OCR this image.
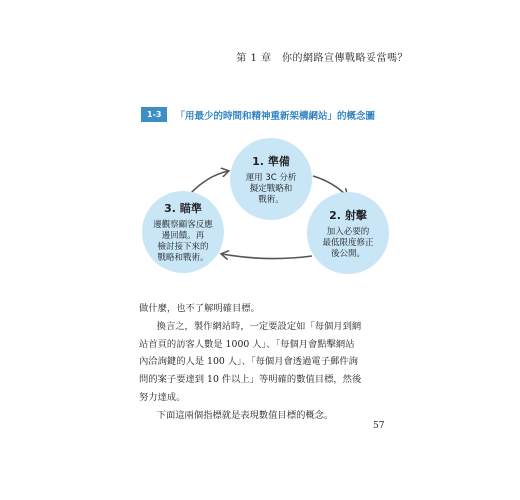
第 1 章　你的網路宣傳戰略妥當嗎？
1-3	「用最少的時間和精神重新架構網站」的概念圖
1. 準備
運用 3C 分析
擬定戰略和
戰術。
2. 射擊
加入必要的
最低限度修正
後公開。
3. 瞄準
邊觀察顧客反應
邊回饋。再
檢討接下來的
戰略和戰術。

做什麼，也不了解明確目標。

換言之，製作網站時，一定要設定如「每個月到網

站首頁的訪客人數是 1000 人」、「每個月會點擊網站

內洽詢鍵的人是 100 人」、「每個月會透過電子郵件詢

問的案子要達到 10 件以上」等明確的數值目標，然後

努力達成。

下面這兩個指標就是表現數值目標的概念。

57
